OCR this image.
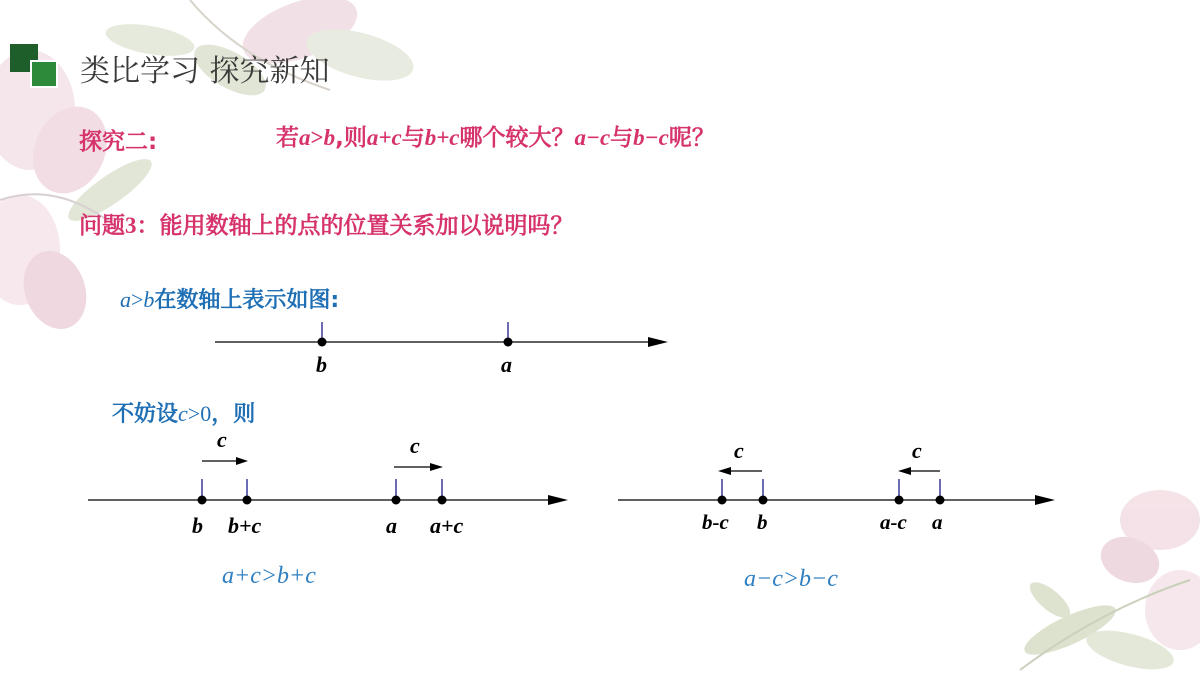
类比学习 探究新知
探究二:	若a>b,则a+c与b+c哪个较大？a−c与b−c呢？
问题3：能用数轴上的点的位置关系加以说明吗？
a>b在数轴上表示如图:
b	a
不妨设c>0，则
c	c
b b+c	a a+c
c	c
b-c b	a-c a
a+c>b+c	a−c>b−c
